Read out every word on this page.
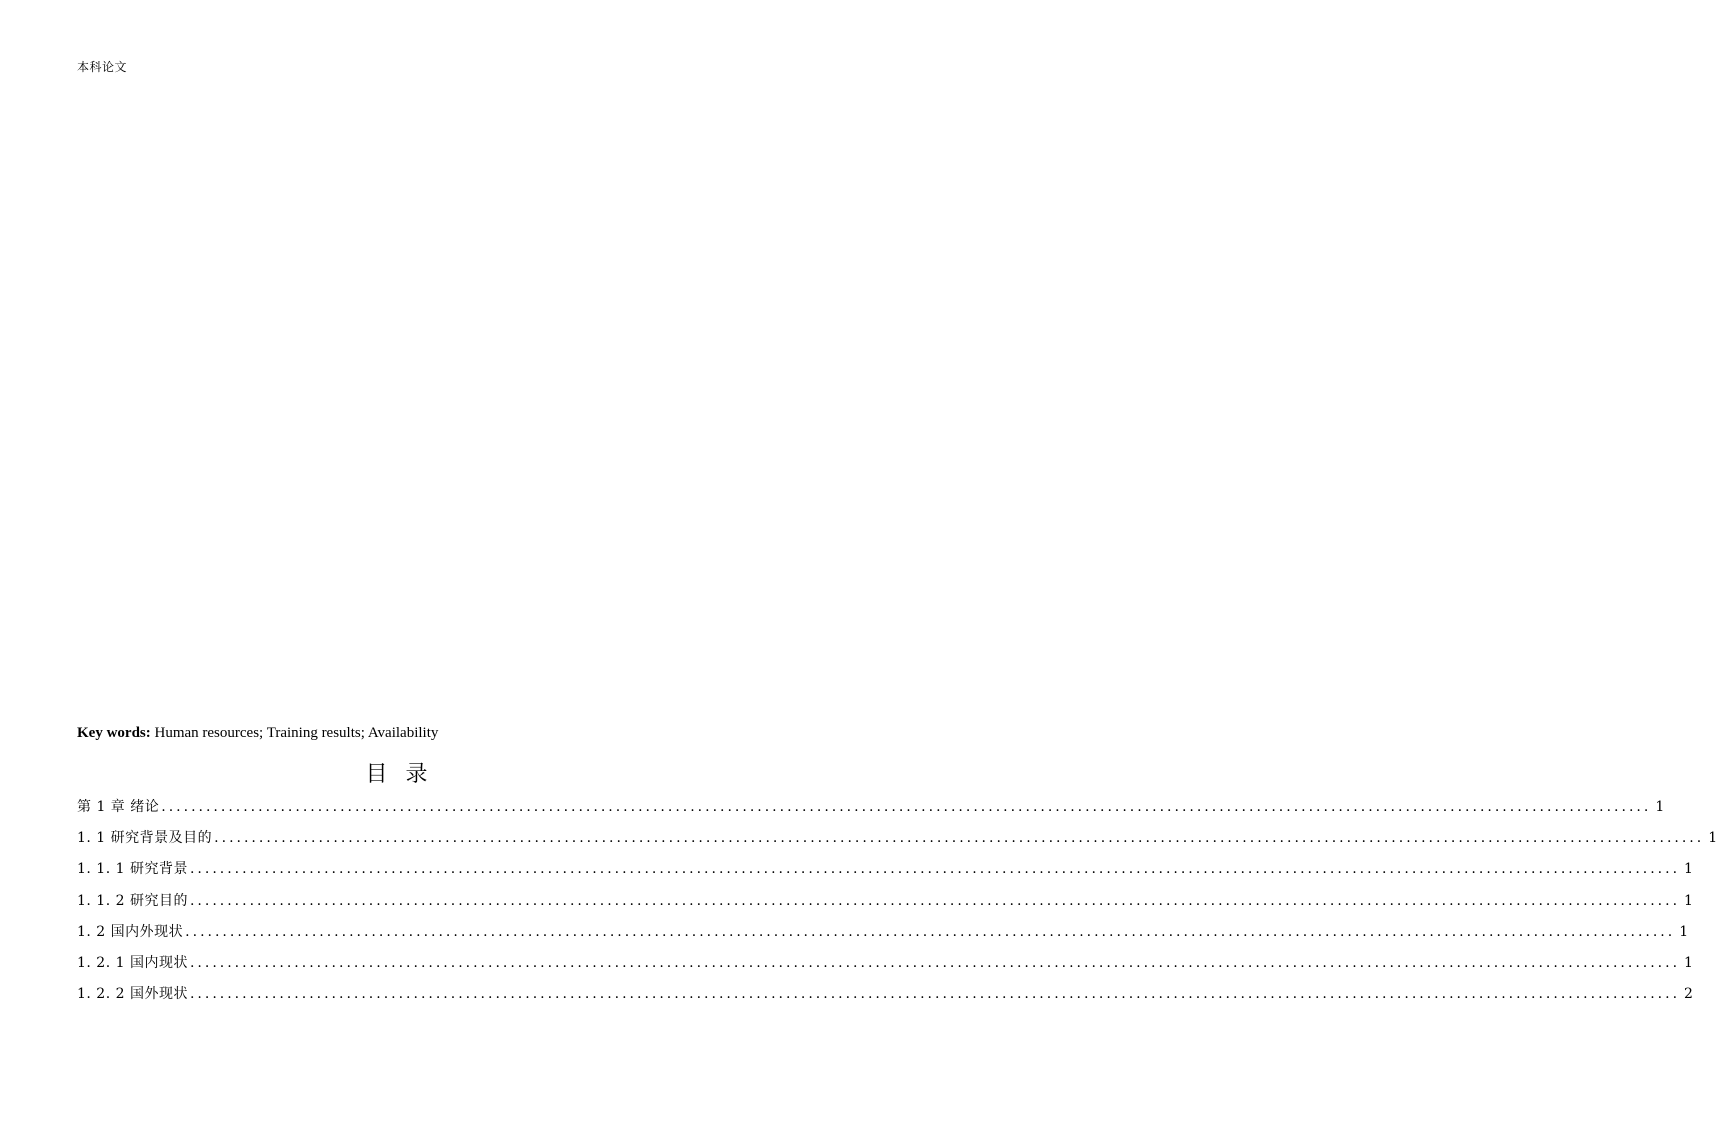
本科论文
Key words: Human resources; Training results; Availability
目录
第 1 章 绪论 ........................................................................................................................................................................................................ 1
1. 1 研究背景及目的 ........................................................................................................................................................................................................ 1
1. 1. 1 研究背景 ........................................................................................................................................................................................................ 1
1. 1. 2 研究目的 ........................................................................................................................................................................................................ 1
1. 2 国内外现状 ........................................................................................................................................................................................................ 1
1. 2. 1 国内现状 ........................................................................................................................................................................................................ 1
1. 2. 2 国外现状 ........................................................................................................................................................................................................ 2
